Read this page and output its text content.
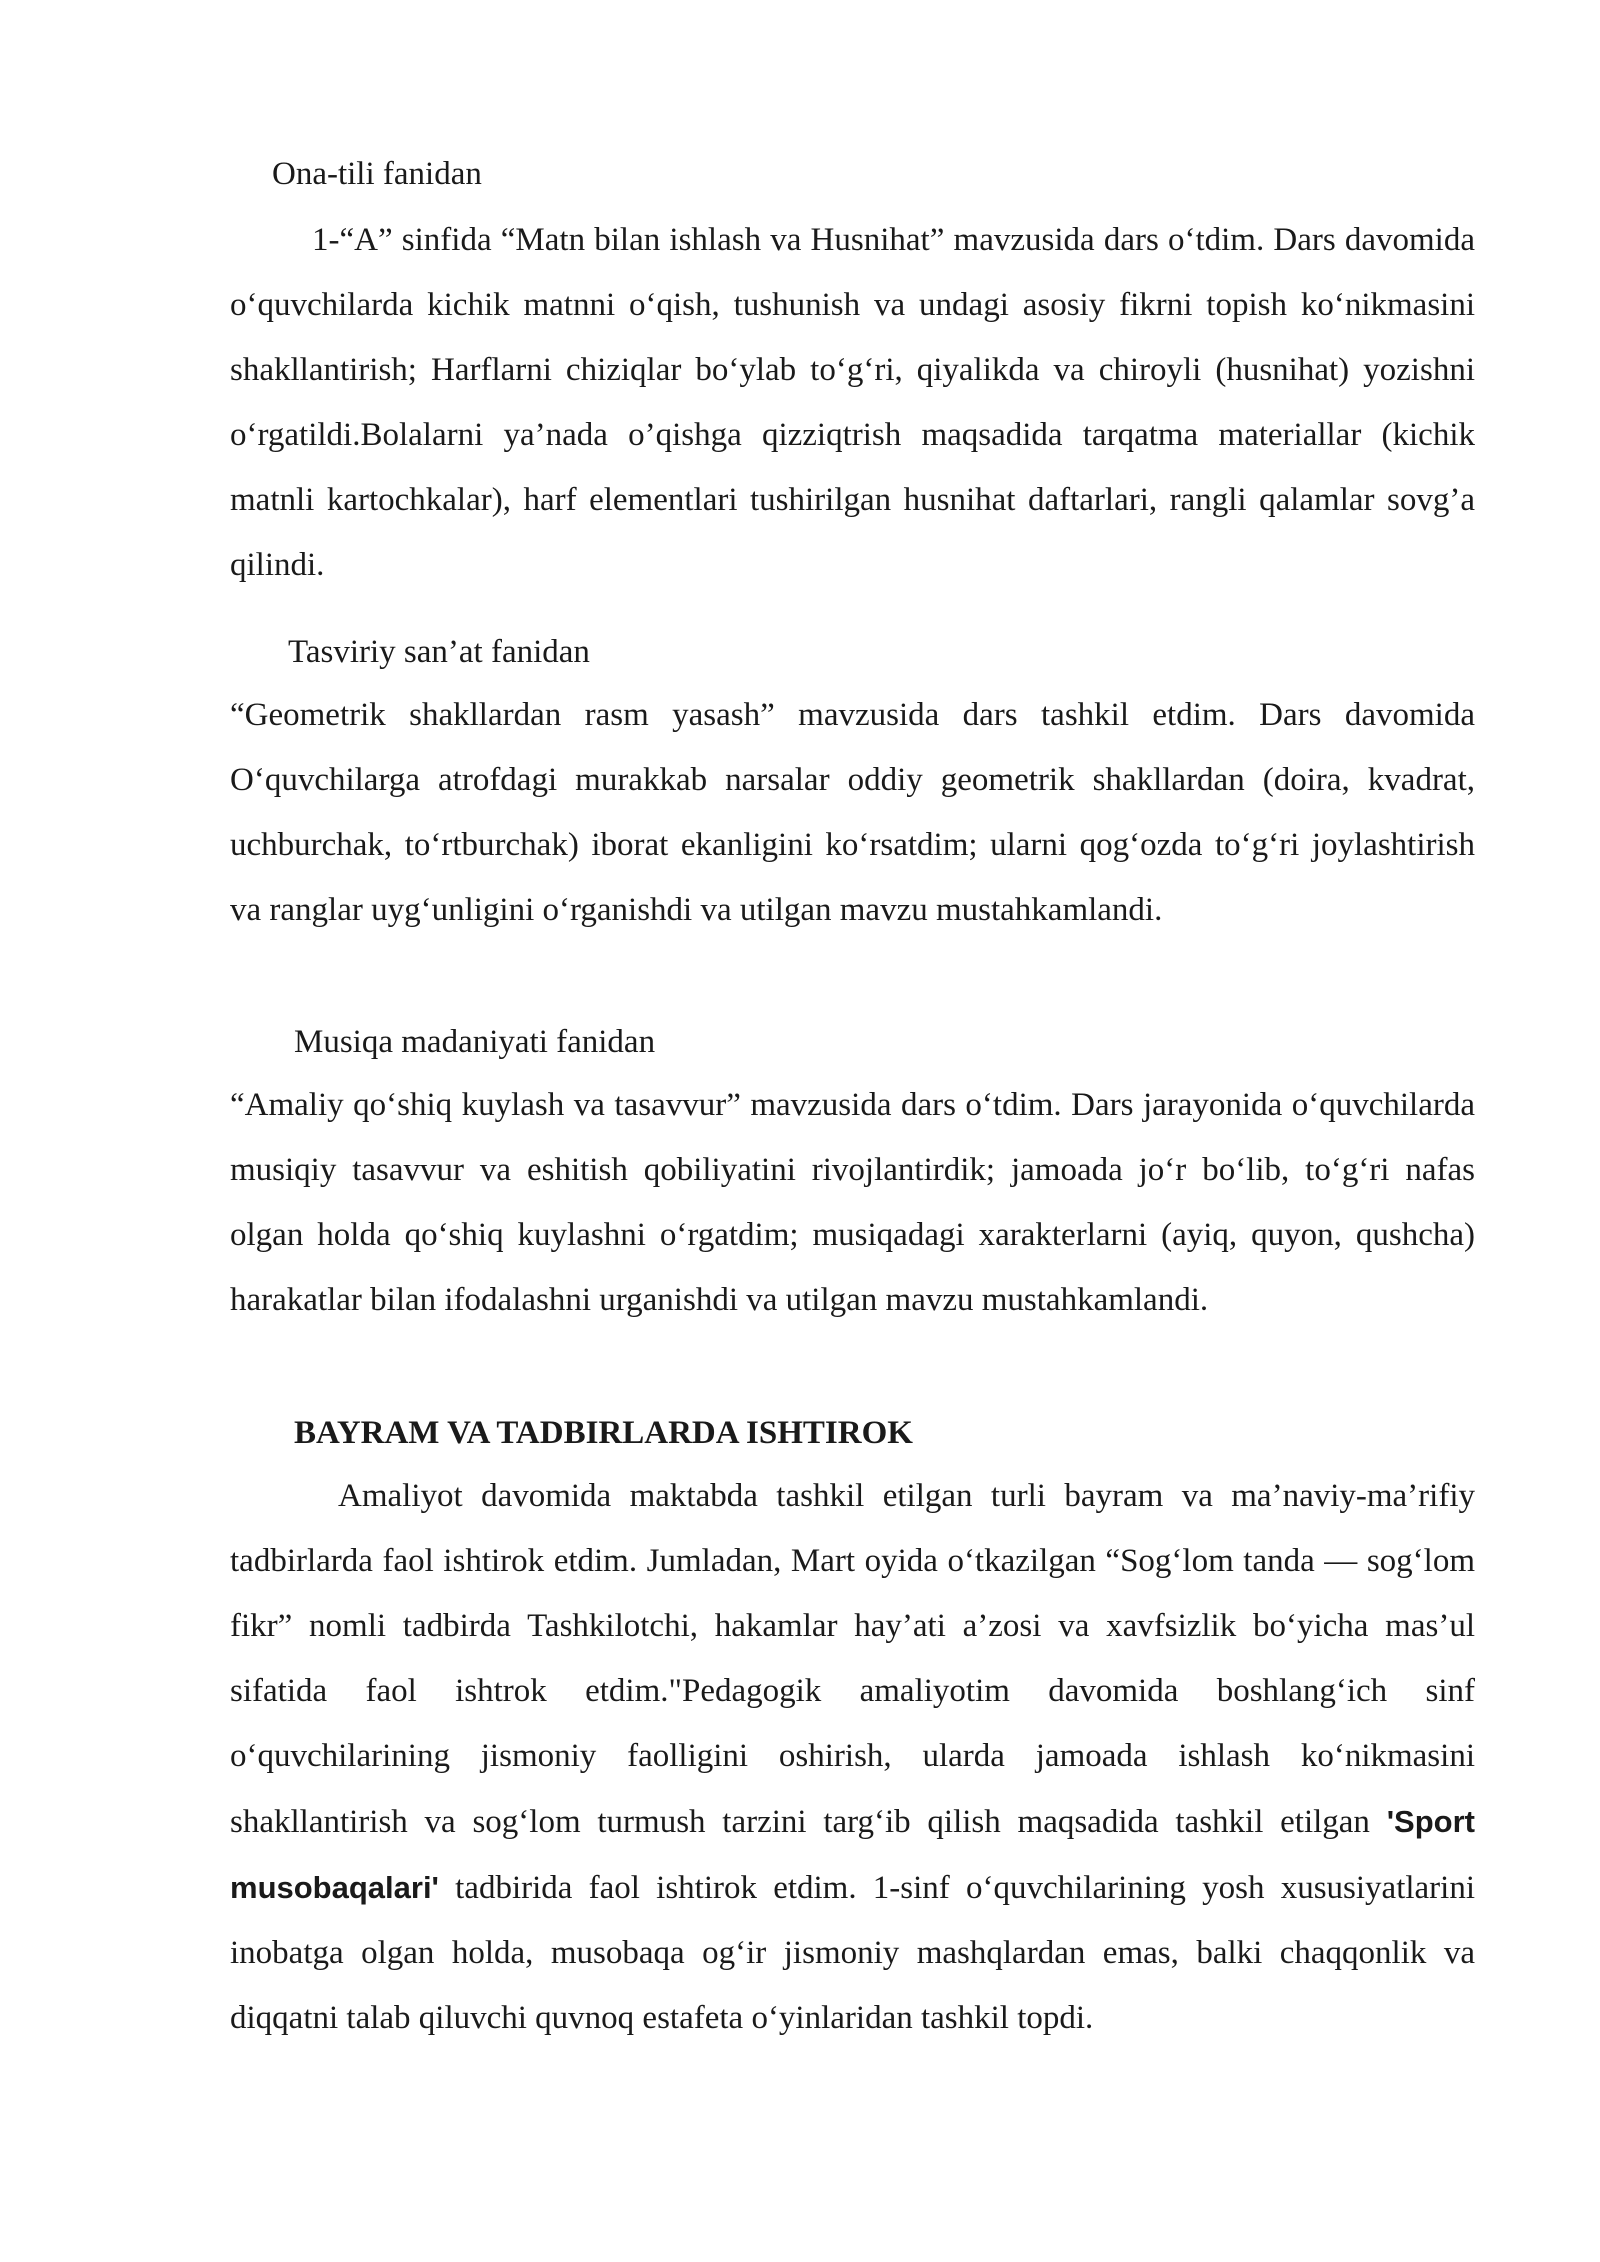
Ona-tili fanidan

1-“A” sinfida “Matn bilan ishlash va Husnihat” mavzusida dars o‘tdim. Dars davomida o‘quvchilarda kichik matnni o‘qish, tushunish va undagi asosiy fikrni topish ko‘nikmasini shakllantirish; Harflarni chiziqlar bo‘ylab to‘g‘ri, qiyalikda va chiroyli (husnihat) yozishni o‘rgatildi.Bolalarni ya’nada o’qishga qizziqtrish maqsadida tarqatma materiallar (kichik matnli kartochkalar), harf elementlari tushirilgan husnihat daftarlari, rangli qalamlar sovg’a qilindi.

Tasviriy san’at fanidan

“Geometrik shakllardan rasm yasash” mavzusida dars tashkil etdim. Dars davomida O‘quvchilarga atrofdagi murakkab narsalar oddiy geometrik shakllardan (doira, kvadrat, uchburchak, to‘rtburchak) iborat ekanligini ko‘rsatdim; ularni qog‘ozda to‘g‘ri joylashtirish va ranglar uyg‘unligini o‘rganishdi va utilgan mavzu mustahkamlandi.

Musiqa madaniyati fanidan

“Amaliy qo‘shiq kuylash va tasavvur” mavzusida dars o‘tdim. Dars jarayonida o‘quvchilarda musiqiy tasavvur va eshitish qobiliyatini rivojlantirdik; jamoada jo‘r bo‘lib, to‘g‘ri nafas olgan holda qo‘shiq kuylashni o‘rgatdim; musiqadagi xarakterlarni (ayiq, quyon, qushcha) harakatlar bilan ifodalashni urganishdi va utilgan mavzu mustahkamlandi.

BAYRAM VA TADBIRLARDA ISHTIROK

Amaliyot davomida maktabda tashkil etilgan turli bayram va ma’naviy-ma’rifiy tadbirlarda faol ishtirok etdim. Jumladan, Mart oyida o‘tkazilgan “Sog‘lom tanda — sog‘lom fikr” nomli tadbirda Tashkilotchi, hakamlar hay’ati a’zosi va xavfsizlik bo‘yicha mas’ul sifatida faol ishtrok etdim."Pedagogik amaliyotim davomida boshlang‘ich sinf o‘quvchilarining jismoniy faolligini oshirish, ularda jamoada ishlash ko‘nikmasini shakllantirish va sog‘lom turmush tarzini targ‘ib qilish maqsadida tashkil etilgan 'Sport musobaqalari' tadbirida faol ishtirok etdim. 1-sinf o‘quvchilarining yosh xususiyatlarini inobatga olgan holda, musobaqa og‘ir jismoniy mashqlardan emas, balki chaqqonlik va diqqatni talab qiluvchi quvnoq estafeta o‘yinlaridan tashkil topdi.
